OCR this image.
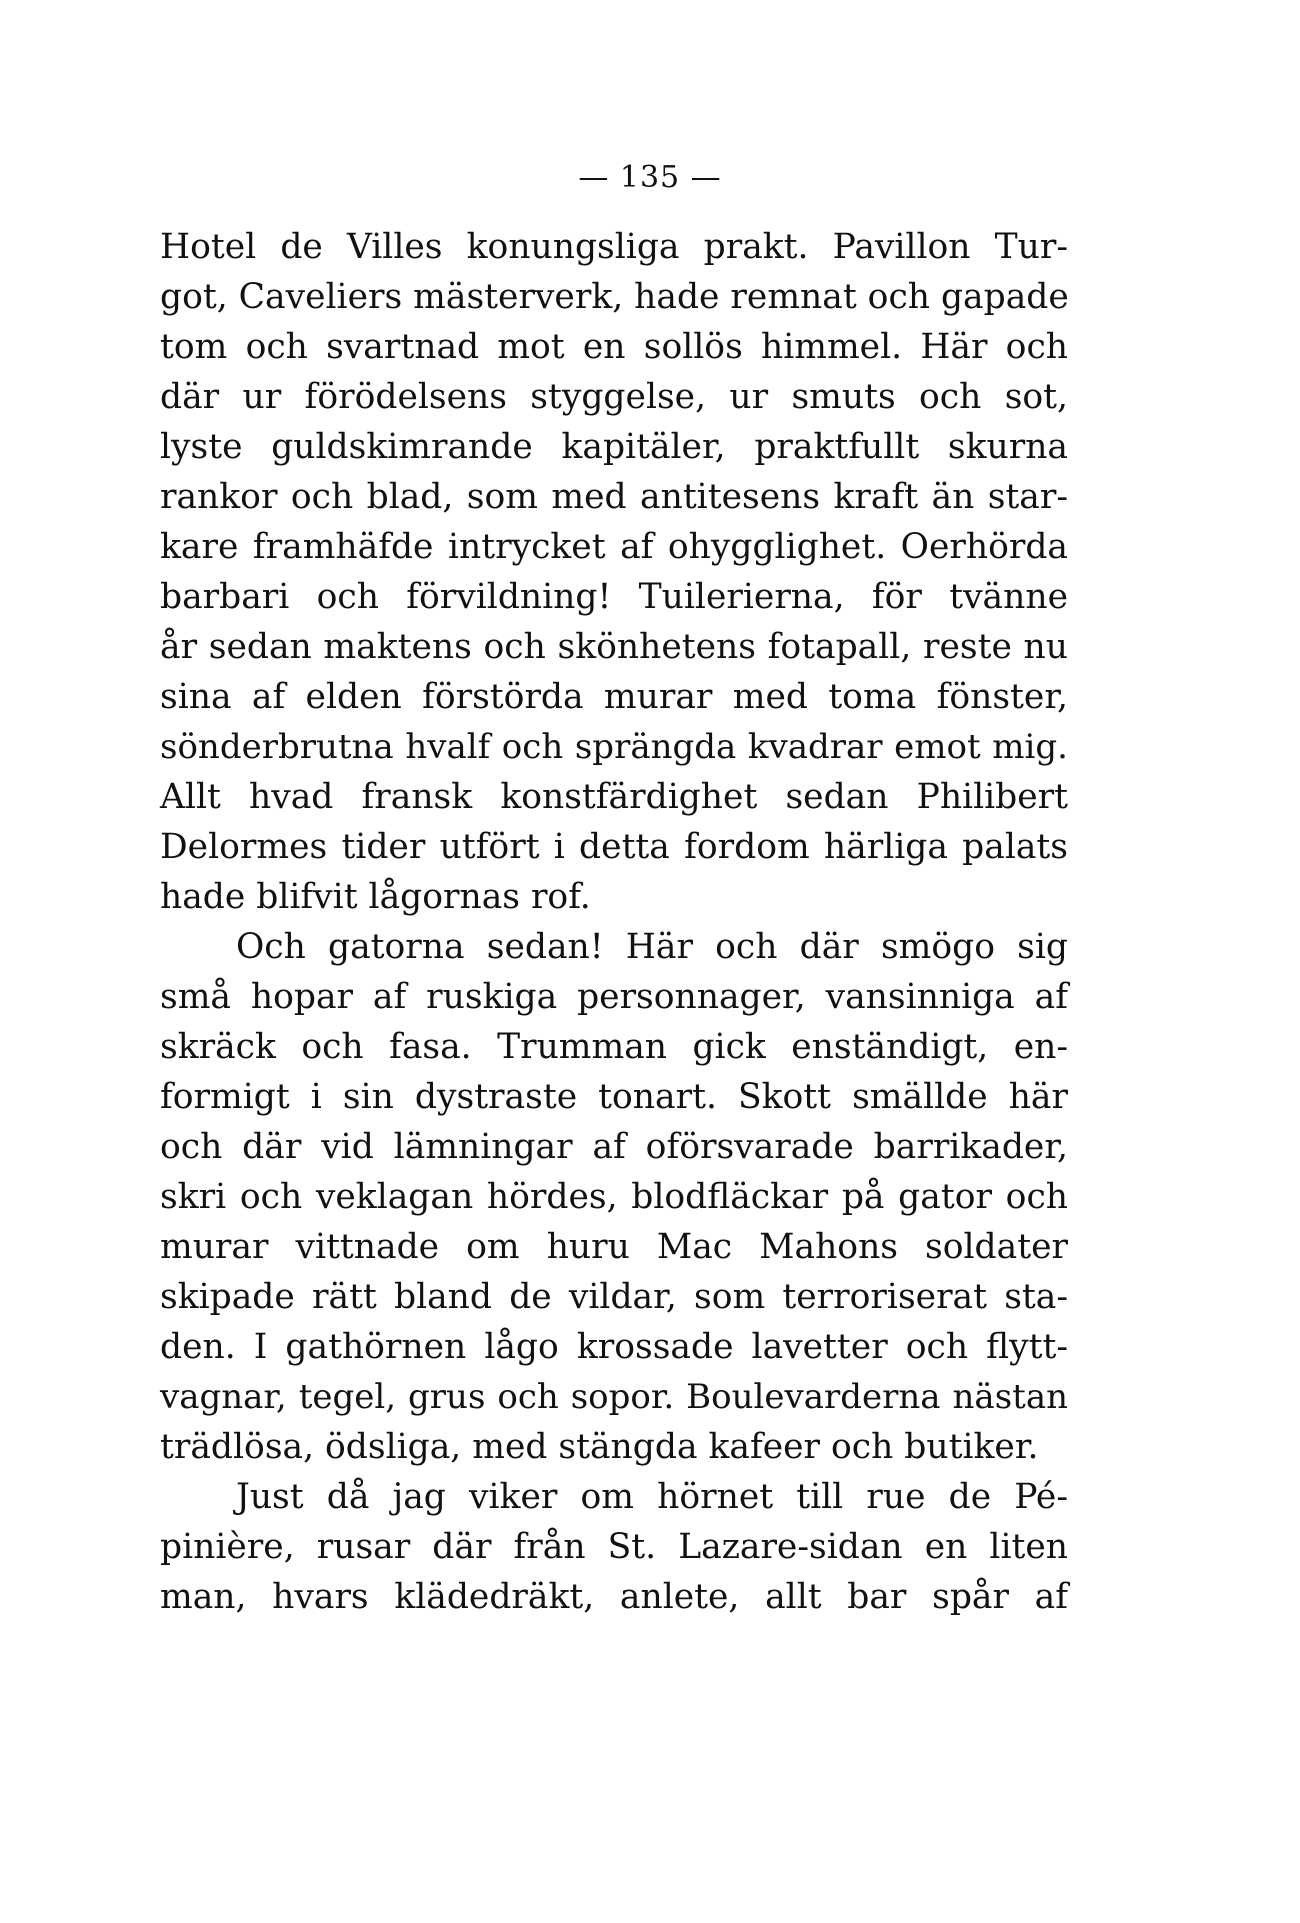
— 135 —
Hotel de Villes konungsliga prakt. Pavillon Tur-
got, Caveliers mästerverk, hade remnat och gapade
tom och svartnad mot en sollös himmel. Här och
där ur förödelsens styggelse, ur smuts och sot,
lyste guldskimrande kapitäler, praktfullt skurna
rankor och blad, som med antitesens kraft än star-
kare framhäfde intrycket af ohygglighet. Oerhörda
barbari och förvildning! Tuilerierna, för tvänne
år sedan maktens och skönhetens fotapall, reste nu
sina af elden förstörda murar med toma fönster,
sönderbrutna hvalf och sprängda kvadrar emot mig.
Allt hvad fransk konstfärdighet sedan Philibert
Delormes tider utfört i detta fordom härliga palats
hade blifvit lågornas rof.
Och gatorna sedan! Här och där smögo sig
små hopar af ruskiga personnager, vansinniga af
skräck och fasa. Trumman gick enständigt, en-
formigt i sin dystraste tonart. Skott smällde här
och där vid lämningar af oförsvarade barrikader,
skri och veklagan hördes, blodfläckar på gator och
murar vittnade om huru Mac Mahons soldater
skipade rätt bland de vildar, som terroriserat sta-
den. I gathörnen lågo krossade lavetter och flytt-
vagnar, tegel, grus och sopor. Boulevarderna nästan
trädlösa, ödsliga, med stängda kafeer och butiker.
Just då jag viker om hörnet till rue de Pé-
pinière, rusar där från St. Lazare-sidan en liten
man, hvars klädedräkt, anlete, allt bar spår af
